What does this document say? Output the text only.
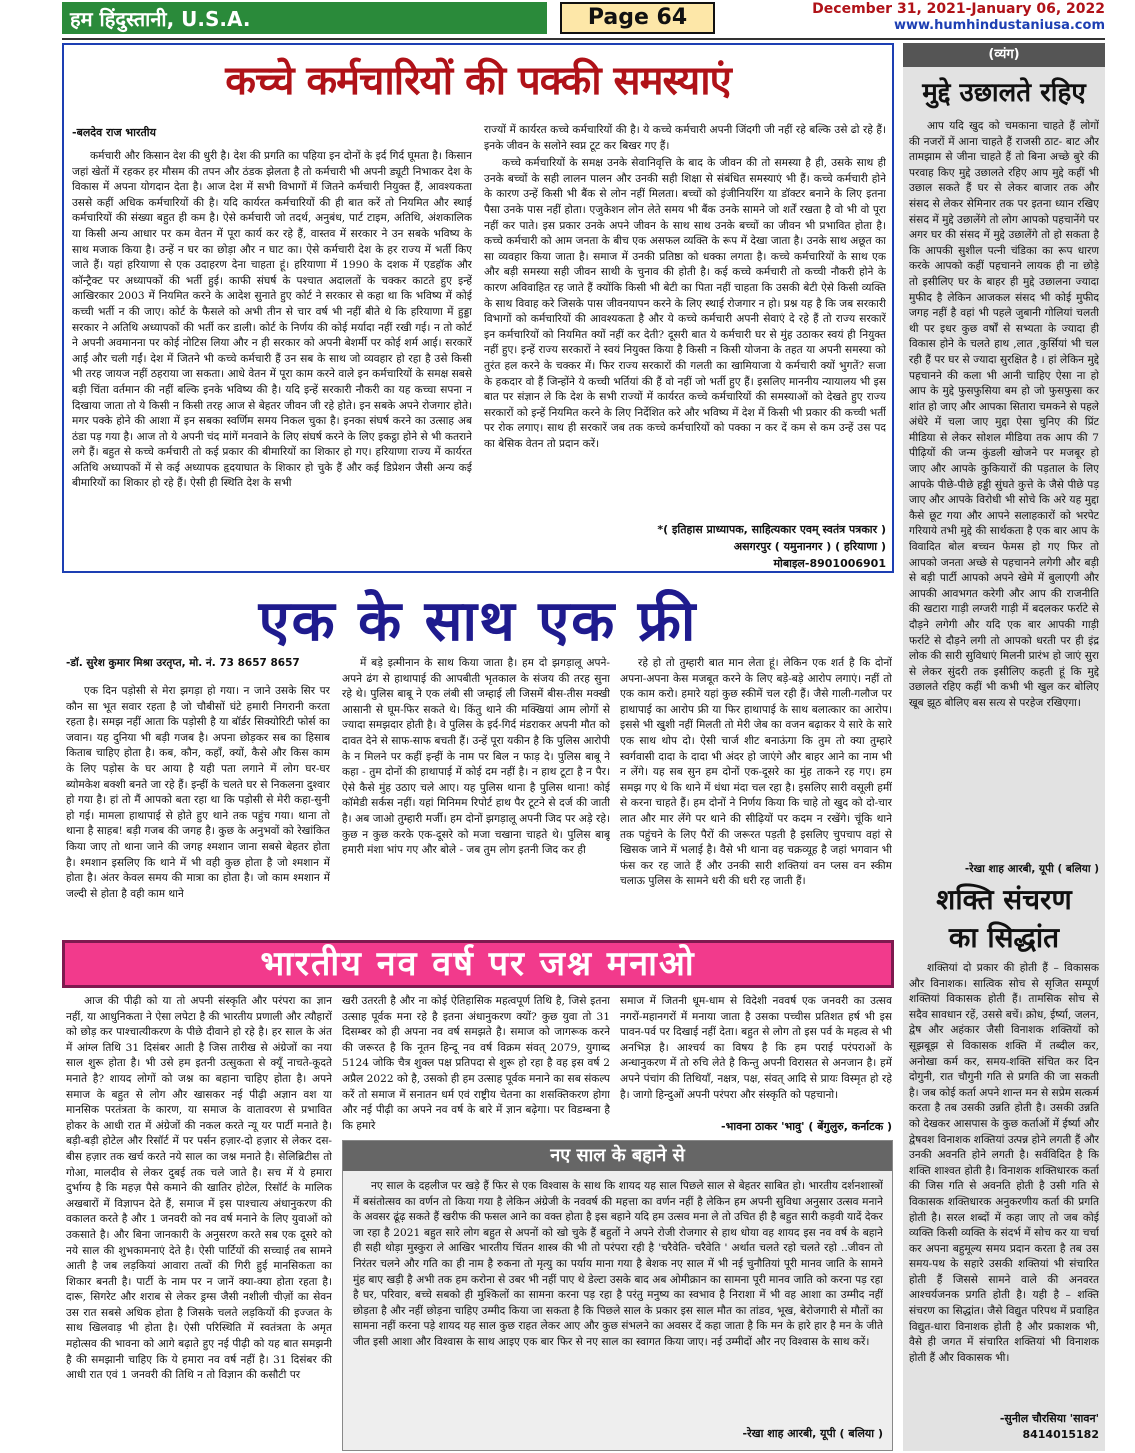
हम हिंदुस्तानी, U.S.A.	Page 64	December 31, 2021-January 06, 2022
www.humhindustaniusa.com
कच्चे कर्मचारियों की पक्की समस्याएं
-बलदेव राज भारतीय

कर्मचारी और किसान देश की धुरी है। देश की प्रगति का पहिया इन दोनों के इर्द गिर्द घूमता है। किसान जहां खेतों में रहकर हर मौसम की तपन और ठंडक झेलता है तो कर्मचारी भी अपनी ड्यूटी निभाकर देश के विकास में अपना योगदान देता है। आज देश में सभी विभागों में जितने कर्मचारी नियुक्त हैं, आवश्यकता उससे कहीं अधिक कर्मचारियों की है। यदि कार्यरत कर्मचारियों की ही बात करें तो नियमित और स्थाई कर्मचारियों की संख्या बहुत ही कम है। ऐसे कर्मचारी जो तदर्थ, अनुबंध, पार्ट टाइम, अतिथि, अंशकालिक या किसी अन्य आधार पर कम वेतन में पूरा कार्य कर रहे हैं, वास्तव में सरकार ने उन सबके भविष्य के साथ मजाक किया है। उन्हें न घर का छोड़ा और न घाट का। ऐसे कर्मचारी देश के हर राज्य में भर्ती किए जाते हैं। यहां हरियाणा से एक उदाहरण देना चाहता हूं। हरियाणा में 1990 के दशक में एडहॉक और कॉन्ट्रैक्ट पर अध्यापकों की भर्ती हुई। काफी संघर्ष के पश्चात अदालतों के चक्कर काटते हुए इन्हें आखिरकार 2003 में नियमित करने के आदेश सुनाते हुए कोर्ट ने सरकार से कहा था कि भविष्य में कोई कच्ची भर्ती न की जाए। कोर्ट के फैसले को अभी तीन से चार वर्ष भी नहीं बीते थे कि हरियाणा में हुड्डा सरकार ने अतिथि अध्यापकों की भर्ती कर डाली। कोर्ट के निर्णय की कोई मर्यादा नहीं रखी गई। न तो कोर्ट ने अपनी अवमानना पर कोई नोटिस लिया और न ही सरकार को अपनी बेशर्मी पर कोई शर्म आई। सरकारें आईं और चली गईं। देश में जितने भी कच्चे कर्मचारी हैं उन सब के साथ जो व्यवहार हो रहा है उसे किसी भी तरह जायज नहीं ठहराया जा सकता। आधे वेतन में पूरा काम करने वाले इन कर्मचारियों के समक्ष सबसे बड़ी चिंता वर्तमान की नहीं बल्कि इनके भविष्य की है। यदि इन्हें सरकारी नौकरी का यह कच्चा सपना न दिखाया जाता तो ये किसी न किसी तरह आज से बेहतर जीवन जी रहे होते। इन सबके अपने रोजगार होते। मगर पक्के होने की आशा में इन सबका स्वर्णिम समय निकल चुका है। इनका संघर्ष करने का उत्साह अब ठंडा पड़ गया है। आज तो ये अपनी चंद मांगें मनवाने के लिए संघर्ष करने के लिए इकट्ठा होने से भी कतराने लगे हैं। बहुत से कच्चे कर्मचारी तो कई प्रकार की बीमारियों का शिकार हो गए। हरियाणा राज्य में कार्यरत अतिथि अध्यापकों में से कई अध्यापक हृदयाघात के शिकार हो चुके हैं और कई डिप्रेशन जैसी अन्य कई बीमारियों का शिकार हो रहे हैं। ऐसी ही स्थिति देश के सभी

राज्यों में कार्यरत कच्चे कर्मचारियों की है। ये कच्चे कर्मचारी अपनी जिंदगी जी नहीं रहे बल्कि उसे ढो रहे हैं। इनके जीवन के सलोने स्वप्न टूट कर बिखर गए हैं।

कच्चे कर्मचारियों के समक्ष उनके सेवानिवृत्ति के बाद के जीवन की तो समस्या है ही, उसके साथ ही उनके बच्चों के सही लालन पालन और उनकी सही शिक्षा से संबंधित समस्याएं भी हैं। कच्चे कर्मचारी होने के कारण उन्हें किसी भी बैंक से लोन नहीं मिलता। बच्चों को इंजीनियरिंग या डॉक्टर बनाने के लिए इतना पैसा उनके पास नहीं होता। एजुकेशन लोन लेते समय भी बैंक उनके सामने जो शर्तें रखता है वो भी वो पूरा नहीं कर पाते। इस प्रकार उनके अपने जीवन के साथ साथ उनके बच्चों का जीवन भी प्रभावित होता है। कच्चे कर्मचारी को आम जनता के बीच एक असफल व्यक्ति के रूप में देखा जाता है। उनके साथ अछूत का सा व्यवहार किया जाता है। समाज में उनकी प्रतिष्ठा को धक्का लगता है। कच्चे कर्मचारियों के साथ एक और बड़ी समस्या सही जीवन साथी के चुनाव की होती है। कई कच्चे कर्मचारी तो कच्ची नौकरी होने के कारण अविवाहित रह जाते हैं क्योंकि किसी भी बेटी का पिता नहीं चाहता कि उसकी बेटी ऐसे किसी व्यक्ति के साथ विवाह करे जिसके पास जीवनयापन करने के लिए स्थाई रोजगार न हो। प्रश्न यह है कि जब सरकारी विभागों को कर्मचारियों की आवश्यकता है और ये कच्चे कर्मचारी अपनी सेवाएं दे रहे हैं तो राज्य सरकारें इन कर्मचारियों को नियमित क्यों नहीं कर देती? दूसरी बात ये कर्मचारी घर से मुंह उठाकर स्वयं ही नियुक्त नहीं हुए। इन्हें राज्य सरकारों ने स्वयं नियुक्त किया है किसी न किसी योजना के तहत या अपनी समस्या को तुरंत हल करने के चक्कर में। फिर राज्य सरकारों की गलती का खामियाजा ये कर्मचारी क्यों भुगतें? सजा के हकदार वो हैं जिन्होंने ये कच्ची भर्तियां की हैं वो नहीं जो भर्ती हुए हैं। इसलिए माननीय न्यायालय भी इस बात पर संज्ञान ले कि देश के सभी राज्यों में कार्यरत कच्चे कर्मचारियों की समस्याओं को देखते हुए राज्य सरकारों को इन्हें नियमित करने के लिए निर्देशित करे और भविष्य में देश में किसी भी प्रकार की कच्ची भर्ती पर रोक लगाए। साथ ही सरकारें जब तक कच्चे कर्मचारियों को पक्का न कर दें कम से कम उन्हें उस पद का बेसिक वेतन तो प्रदान करें।

*( इतिहास प्राध्यापक, साहित्यकार एवम् स्वतंत्र पत्रकार )
असगरपुर ( यमुनानगर ) ( हरियाणा )
मोबाइल-8901006901
एक के साथ एक फ्री
-डॉ. सुरेश कुमार मिश्रा उरतृप्त, मो. नं. 73 8657 8657

एक दिन पड़ोसी से मेरा झगड़ा हो गया। न जाने उसके सिर पर कौन सा भूत सवार रहता है जो चौबीसों घंटे हमारी निगरानी करता रहता है। समझ नहीं आता कि पड़ोसी है या बॉर्डर सिक्योरिटी फोर्स का जवान। यह दुनिया भी बड़ी गजब है। अपना छोड़कर सब का हिसाब किताब चाहिए होता है। कब, कौन, कहाँ, क्यों, कैसे और किस काम के लिए पड़ोस के घर आया है यही पता लगाने में लोग घर-घर ब्योमकेश बक्शी बनते जा रहे हैं। इन्हीं के चलते घर से निकलना दुश्वार हो गया है। हां तो मैं आपको बता रहा था कि पड़ोसी से मेरी कहा-सुनी हो गई। मामला हाथापाई से होते हुए थाने तक पहुंच गया। थाना तो थाना है साहब! बड़ी गजब की जगह है। कुछ के अनुभवों को रेखांकित किया जाए तो थाना जाने की जगह श्मशान जाना सबसे बेहतर होता है। श्मशान इसलिए कि थाने में भी वही कुछ होता है जो श्मशान में होता है। अंतर केवल समय की मात्रा का होता है। जो काम श्मशान में जल्दी से होता है वही काम थाने

में बड़े इत्मीनान के साथ किया जाता है। हम दो झगड़ालू अपने-अपने ढंग से हाथापाई की आपबीती भृतकाल के संजय की तरह सुना रहे थे। पुलिस बाबू ने एक लंबी सी जम्हाई ली जिसमें बीस-तीस मक्खी आसानी से घूम-फिर सकते थे। किंतु थाने की मक्खियां आम लोगों से ज्यादा समझदार होती है। वे पुलिस के इर्द-गिर्द मंडराकर अपनी मौत को दावत देने से साफ-साफ बचती हैं। उन्हें पूरा यकीन है कि पुलिस आरोपी के न मिलने पर कहीं इन्हीं के नाम पर बिल न फाड़ दे। पुलिस बाबू ने कहा - तुम दोनों की हाथापाई में कोई दम नहीं है। न हाथ टूटा है न पैर। ऐसे कैसे मुंह उठाए चले आए। यह पुलिस थाना है पुलिस थाना! कोई कॉमेडी सर्कस नहीं। यहां मिनिमम रिपोर्ट हाथ पैर टूटने से दर्ज की जाती है। अब जाओ तुम्हारी मर्जी। हम दोनों झगड़ालू अपनी जिद पर अड़े रहे। कुछ न कुछ करके एक-दूसरे को मजा चखाना चाहते थे। पुलिस बाबू हमारी मंशा भांप गए और बोले - जब तुम लोग इतनी जिद कर ही

रहे हो तो तुम्हारी बात मान लेता हूं। लेकिन एक शर्त है कि दोनों अपना-अपना केस मजबूत करने के लिए बड़े-बड़े आरोप लगाएं। नहीं तो एक काम करो। हमारे यहां कुछ स्कीमें चल रही हैं। जैसे गाली-गलौज पर हाथापाई का आरोप फ्री या फिर हाथापाई के साथ बलात्कार का आरोप। इससे भी खुशी नहीं मिलती तो मेरी जेब का वजन बढ़ाकर ये सारे के सारे एक साथ थोप दो। ऐसी चार्ज शीट बनाऊंगा कि तुम तो क्या तुम्हारे स्वर्गवासी दादा के दादा भी अंदर हो जाएंगे और बाहर आने का नाम भी न लेंगे। यह सब सुन हम दोनों एक-दूसरे का मुंह ताकने रह गए। हम समझ गए थे कि थाने में धंधा मंदा चल रहा है। इसलिए सारी वसूली हमीं से करना चाहते हैं। हम दोनों ने निर्णय किया कि चाहे तो खुद को दो-चार लात और मार लेंगे पर थाने की सीढ़ियों पर कदम न रखेंगे। चूंकि थाने तक पहुंचने के लिए पैरों की जरूरत पड़ती है इसलिए चुपचाप वहां से खिसक जाने में भलाई है। वैसे भी थाना वह चक्रव्यूह है जहां भगवान भी फंस कर रह जाते हैं और उनकी सारी शक्तियां वन प्लस वन स्कीम चलाऊ पुलिस के सामने धरी की धरी रह जाती हैं।

भारतीय नव वर्ष पर जश्न मनाओ

आज की पीढ़ी को या तो अपनी संस्कृति और परंपरा का ज्ञान नहीं, या आधुनिकता ने ऐसा लपेटा है की भारतीय प्रणाली और त्यौहारों को छोड़ कर पाश्चात्यीकरण के पीछे दीवाने हो रहे है। हर साल के अंत में आंग्ल तिथि 31 दिसंबर आती है जिस तारीख से अंग्रेजों का नया साल शुरू होता है। भी उसे हम इतनी उत्सुकता से क्यूँ नाचते-कूदते मनाते है? शायद लोगों को जश्न का बहाना चाहिए होता है। अपने समाज के बहुत से लोग और खासकर नई पीढ़ी अज्ञान वश या मानसिक परतंत्रता के कारण, या समाज के वातावरण से प्रभावित होकर के आधी रात में अंग्रेजों की नकल करते न्यू यर पार्टी मनाते है। बड़ी-बड़ी होटेल और रिसॉर्ट में पर पर्सन हज़ार-दो हज़ार से लेकर दस-बीस हज़ार तक खर्च करते नये साल का जश्न मनाते है। सेलिब्रिटीस तो गोआ, मालदीव से लेकर दुबई तक चले जाते है। सच में ये हमारा दुर्भाग्य है कि महज़ पैसे कमाने की खातिर होटेल, रिसॉर्ट के मालिक अखबारों में विज्ञापन देते हैं, समाज में इस पाश्चात्य अंधानुकरण की वकालत करते है और 1 जनवरी को नव वर्ष मनाने के लिए युवाओं को उकसाते है। और बिना जानकारी के अनुसरण करते सब एक दूसरे को नये साल की शुभकामनाएं देते है। ऐसी पार्टियों की सच्चाई तब सामने आती है जब लड़कियां आवारा तत्वों की गिरी हुई मानसिकता का शिकार बनती है। पार्टी के नाम पर न जानें क्या-क्या होता रहता है। दारू, सिगरेट और शराब से लेकर ड्रग्स जैसी नशीली चीज़ों का सेवन उस रात सबसे अधिक होता है जिसके चलते लड़कियों की इज्जत के साथ खिलवाड़ भी होता है। ऐसी परिस्थिति में स्वतंत्रता के अमृत महोत्सव की भावना को आगे बढ़ाते हुए नई पीढ़ी को यह बात समझनी है की समझानी चाहिए कि ये हमारा नव वर्ष नहीं है। 31 दिसंबर की आधी रात एवं 1 जनवरी की तिथि न तो विज्ञान की कसौटी पर

खरी उतरती है और ना कोई ऐतिहासिक महत्वपूर्ण तिथि है, जिसे इतना उत्साह पूर्वक मना रहे है इतना अंधानुकरण क्यों? कुछ युवा तो 31 दिसम्बर को ही अपना नव वर्ष समझते है। समाज को जागरूक करने की जरूरत है कि नूतन हिन्दू नव वर्ष विक्रम संवत् 2079, युगाब्द 5124 जोकि चैत्र शुक्ल पक्ष प्रतिपदा से शुरू हो रहा है वह इस वर्ष 2 अप्रैल 2022 को है, उसको ही हम उत्साह पूर्वक मनाने का सब संकल्प करें तो समाज में सनातन धर्म एवं राष्ट्रीय चेतना का शसक्तिकरण होगा और नई पीढ़ी का अपने नव वर्ष के बारे में ज्ञान बढ़ेगा। पर विडम्बना है कि हमारे

समाज में जितनी धूम-धाम से विदेशी नववर्ष एक जनवरी का उत्सव नगरों-महानगरों में मनाया जाता है उसका पच्चीस प्रतिशत हर्ष भी इस पावन-पर्व पर दिखाई नहीं देता। बहुत से लोग तो इस पर्व के महत्व से भी अनभिज्ञ है। आश्चर्य का विषय है कि हम पराई परंपराओं के अन्धानुकरण में तो रुचि लेते है किन्तु अपनी विरासत से अनजान है। हमें अपने पंचांग की तिथियाँ, नक्षत्र, पक्ष, संवत् आदि से प्रायः विस्मृत हो रहे है। जागो हिन्दुओं अपनी परंपरा और संस्कृति को पहचानो।

-भावना ठाकर 'भावु' ( बेंगुलुरु, कर्नाटक )
नए साल के बहाने से

नए साल के दहलीज पर खड़े हैं फिर से एक विश्वास के साथ कि शायद यह साल पिछले साल से बेहतर साबित हो। भारतीय दर्शनशास्त्रों में बसंतोत्सव का वर्णन तो किया गया है लेकिन अंग्रेजी के नववर्ष की महत्ता का वर्णन नहीं है लेकिन हम अपनी सुविधा अनुसार उत्सव मनाने के अवसर ढूंढ़ सकते हैं खरीफ की फसल आने का वक्त होता है इस बहाने यदि हम उत्सव मना ले तो उचित ही है बहुत सारी कड़वी यादें देकर जा रहा है 2021 बहुत सारे लोग बहुत से अपनों को खो चुके हैं बहुतों ने अपने रोजी रोजगार से हाथ धोया वह शायद इस नव वर्ष के बहाने ही सही थोड़ा मुस्कुरा ले आखिर भारतीय चिंतन शास्त्र की भी तो परंपरा रही है 'चरैवेति- चरैवेति ' अर्थात चलते रहो चलते रहो ..जीवन तो निरंतर चलने और गति का ही नाम है रुकना तो मृत्यु का पर्याय माना गया है बेशक नए साल में भी नई चुनौतियां पूरी मानव जाति के सामने मुंह बाए खड़ी है अभी तक हम करोना से उबर भी नहीं पाए थे डेल्टा उसके बाद अब ओमीक्रान का सामना पूरी मानव जाति को करना पड़ रहा है घर, परिवार, बच्चे सबको ही मुश्किलों का सामना करना पड़ रहा है परंतु मनुष्य का स्वभाव है निराशा में भी वह आशा का उम्मीद नहीं छोड़ता है और नहीं छोड़ना चाहिए उम्मीद किया जा सकता है कि पिछले साल के प्रकार इस साल मौत का तांडव, भूख, बेरोजगारी से मौतों का सामना नहीं करना पड़े शायद यह साल कुछ राहत लेकर आए और कुछ संभलने का अवसर दें कहा जाता है कि मन के हारे हार है मन के जीते जीत इसी आशा और विश्वास के साथ आइए एक बार फिर से नए साल का स्वागत किया जाए। नई उम्मीदों और नए विश्वास के साथ करें।

-रेखा शाह आरबी, यूपी ( बलिया )
(व्यंग)
मुद्दे उछालते रहिए

आप यदि खुद को चमकाना चाहते हैं लोगों की नजरों में आना चाहते हैं राजसी ठाट- बाट और तामझाम से जीना चाहते हैं तो बिना अच्छे बुरे की परवाह किए मुद्दे उछालते रहिए आप मुद्दे कहीं भी उछाल सकते हैं घर से लेकर बाजार तक और संसद से लेकर सेमिनार तक पर इतना ध्यान रखिए संसद में मुद्दे उछालेंगे तो लोग आपको पहचानेंगे पर अगर घर की संसद में मुद्दे उछालेंगे तो हो सकता है कि आपकी सुशील पत्नी चंडिका का रूप धारण करके आपको कहीं पहचानने लायक ही ना छोड़े तो इसीलिए घर के बाहर ही मुद्दे उछालना ज्यादा मुफीद है लेकिन आजकल संसद भी कोई मुफीद जगह नहीं है वहां भी पहले जुबानी गोलियां चलती थी पर इधर कुछ वर्षों से सभ्यता के ज्यादा ही विकास होने के चलते हाथ ,लात ,कुर्सियां भी चल रही हैं पर घर से ज्यादा सुरक्षित है । हां लेकिन मुद्दे पहचानने की कला भी आनी चाहिए ऐसा ना हो आप के मुद्दे फुसफुसिया बम हो जो फुसफुसा कर शांत हो जाए और आपका सितारा चमकने से पहले अंधेरे में चला जाए मुद्दा ऐसा चुनिए की प्रिंट मीडिया से लेकर सोशल मीडिया तक आप की 7 पीढ़ियों की जन्म कुंडली खोजने पर मजबूर हो जाए और आपके कुकियारों की पड़ताल के लिए आपके पीछे-पीछे हड्डी सुंघते कुत्ते के जैसे पीछे पड़ जाए और आपके विरोधी भी सोचे कि अरे यह मुद्दा कैसे छूट गया और आपने सलाहकारों को भरपेट गरियाये तभी मुद्दे की सार्थकता है एक बार आप के विवादित बोल बच्चन फेमस हो गए फिर तो आपको जनता अच्छे से पहचानने लगेगी और बड़ी से बड़ी पार्टी आपको अपने खेमे में बुलाएगी और आपकी आवभगत करेगी और आप की राजनीति की खटारा गाड़ी लग्जरी गाड़ी में बदलकर फर्राटे से दौड़ने लगेगी और यदि एक बार आपकी गाड़ी फर्राटे से दौड़ने लगी तो आपको धरती पर ही इंद्र लोक की सारी सुविधाएं मिलनी प्रारंभ हो जाएं सुरा से लेकर सुंदरी तक इसीलिए कहती हूं कि मुद्दे उछालते रहिए कहीं भी कभी भी खुल कर बोलिए खूब झूठ बोलिए बस सत्य से परहेज रखिएगा।

-रेखा शाह आरबी, यूपी ( बलिया )
शक्ति संचरण
का सिद्धांत

शक्तियां दो प्रकार की होती हैं – विकासक और विनाशक। सात्विक सोच से सृजित सम्पूर्ण शक्तियां विकासक होती हैं। तामसिक सोच से सदैव सावधान रहें, उससे बचें। क्रोध, ईर्ष्या, जलन, द्वेष और अहंकार जैसी विनाशक शक्तियों को सूझबूझ से विकासक शक्ति में तब्दील कर, अनोखा कर्म कर, समय-शक्ति संचित कर दिन दोगुनी, रात चौगुनी गति से प्रगति की जा सकती है। जब कोई कर्ता अपने शान्त मन से सप्रेम सत्कर्म करता है तब उसकी उन्नति होती है। उसकी उन्नति को देखकर आसपास के कुछ कर्ताओं में ईर्ष्या और द्वेषवश विनाशक शक्तियां उत्पन्न होने लगती हैं और उनकी अवनति होने लगती है। सर्वविदित है कि शक्ति शाश्वत होती है। विनाशक शक्तिधारक कर्ता की जिस गति से अवनति होती है उसी गति से विकासक शक्तिधारक अनुकरणीय कर्ता की प्रगति होती है। सरल शब्दों में कहा जाए तो जब कोई व्यक्ति किसी व्यक्ति के संदर्भ में सोच कर या चर्चा कर अपना बहुमूल्य समय प्रदान करता है तब उस समय-पथ के सहारे उसकी शक्तियां भी संचारित होती हैं जिससे सामने वाले की अनवरत आश्चर्यजनक प्रगति होती है। यही है – शक्ति संचरण का सिद्धांत। जैसे विद्युत परिपथ में प्रवाहित विद्युत-धारा विनाशक होती है और प्रकाशक भी, वैसे ही जगत में संचारित शक्तियां भी विनाशक होती हैं और विकासक भी।

-सुनील चौरसिया 'सावन'
8414015182
